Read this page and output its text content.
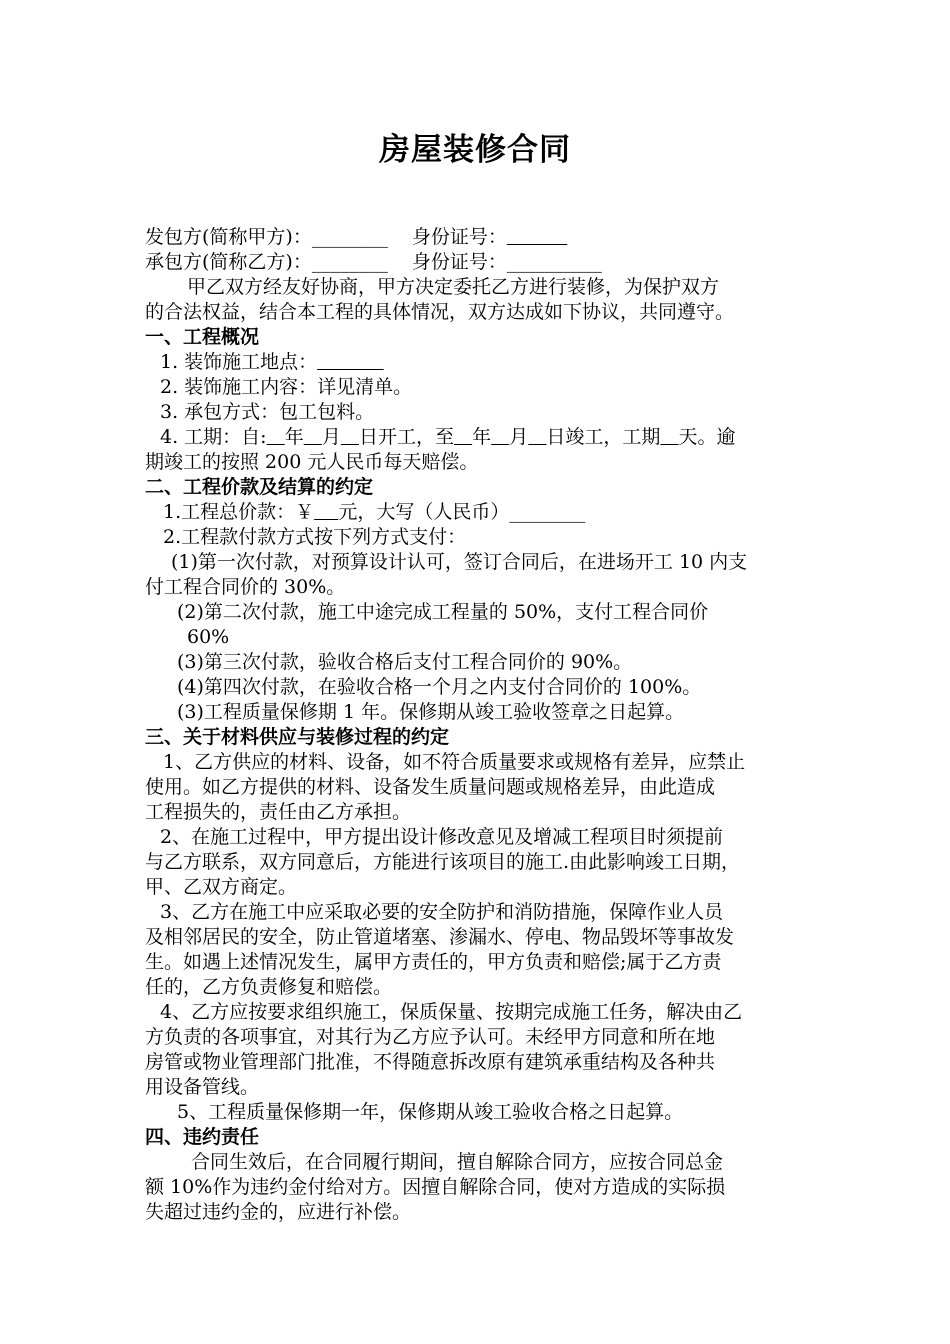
房屋装修合同
发包方(简称甲方)：________ 身份证号：
承包方(简称乙方)：________ 身份证号：__________
甲乙双方经友好协商，甲方决定委托乙方进行装修，为保护双方
的合法权益，结合本工程的具体情况，双方达成如下协议，共同遵守。
一、工程概况
1. 装饰施工地点：
2. 装饰施工内容：详见清单。
3. 承包方式：包工包料。
4. 工期：自: 年 月 日开工，至 年 月 日竣工，工期 天。逾
期竣工的按照 200 元人民币每天赔偿。
二、工程价款及结算的约定
1.工程总价款：￥ 元，大写（人民币）________
2.工程款付款方式按下列方式支付：
(1)第一次付款，对预算设计认可，签订合同后，在进场开工 10 内支
付工程合同价的 30%。
(2)第二次付款，施工中途完成工程量的 50%，支付工程合同价
60%
(3)第三次付款，验收合格后支付工程合同价的 90%。
(4)第四次付款，在验收合格一个月之内支付合同价的 100%。
(3)工程质量保修期 1 年。保修期从竣工验收签章之日起算。
三、关于材料供应与装修过程的约定
1、乙方供应的材料、设备，如不符合质量要求或规格有差异，应禁止
使用。如乙方提供的材料、设备发生质量问题或规格差异，由此造成
工程损失的，责任由乙方承担。
2、在施工过程中，甲方提出设计修改意见及增减工程项目时须提前
与乙方联系，双方同意后，方能进行该项目的施工.由此影响竣工日期，
甲、乙双方商定。
3、乙方在施工中应采取必要的安全防护和消防措施，保障作业人员
及相邻居民的安全，防止管道堵塞、渗漏水、停电、物品毁坏等事故发
生。如遇上述情况发生，属甲方责任的，甲方负责和赔偿;属于乙方责
任的，乙方负责修复和赔偿。
4、乙方应按要求组织施工，保质保量、按期完成施工任务，解决由乙
方负责的各项事宜，对其行为乙方应予认可。未经甲方同意和所在地
房管或物业管理部门批准，不得随意拆改原有建筑承重结构及各种共
用设备管线。
5、工程质量保修期一年，保修期从竣工验收合格之日起算。
四、违约责任
合同生效后，在合同履行期间，擅自解除合同方，应按合同总金
额 10%作为违约金付给对方。因擅自解除合同，使对方造成的实际损
失超过违约金的，应进行补偿。
